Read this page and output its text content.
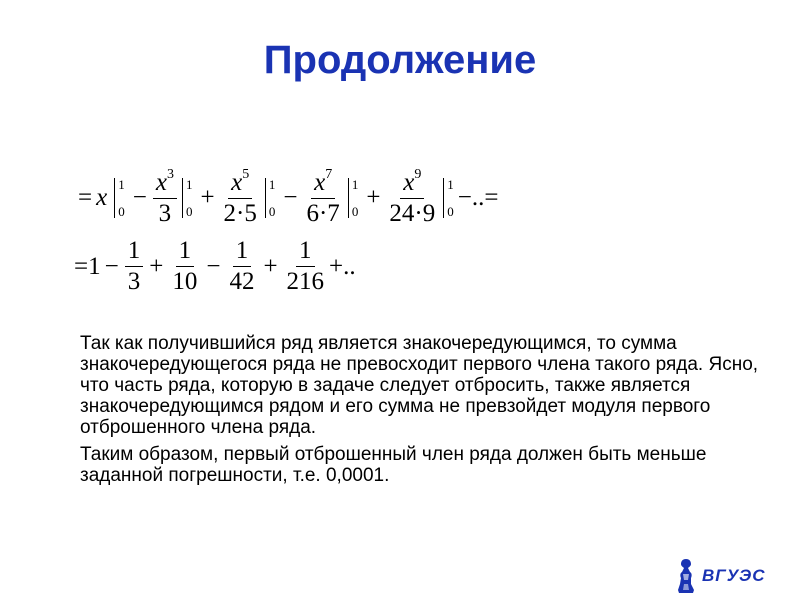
Продолжение
= x 1
0
− $\frac{x^3}{3} 1$
0
+ $\frac{x^5}{2\cdot 5} 1$
0
− $\frac{x^7}{6\cdot 7} 1$
0
+ $\frac{x^9}{24\cdot 9} 1$
0
−..=
$=1 - \frac{1}{3} + \frac{1}{10} - \frac{1}{42} + \frac{1}{216}$ +..

Так как получившийся ряд является знакочередующимся, то сумма знакочередующегося ряда не превосходит первого члена такого ряда. Ясно, что часть ряда, которую в задаче следует отбросить, также является знакочередующимся рядом и его сумма не превзойдет модуля первого отброшенного члена ряда.

Таким образом, первый отброшенный член ряда должен быть меньше заданной погрешности, т.е. 0,0001.

ВГУЭС
